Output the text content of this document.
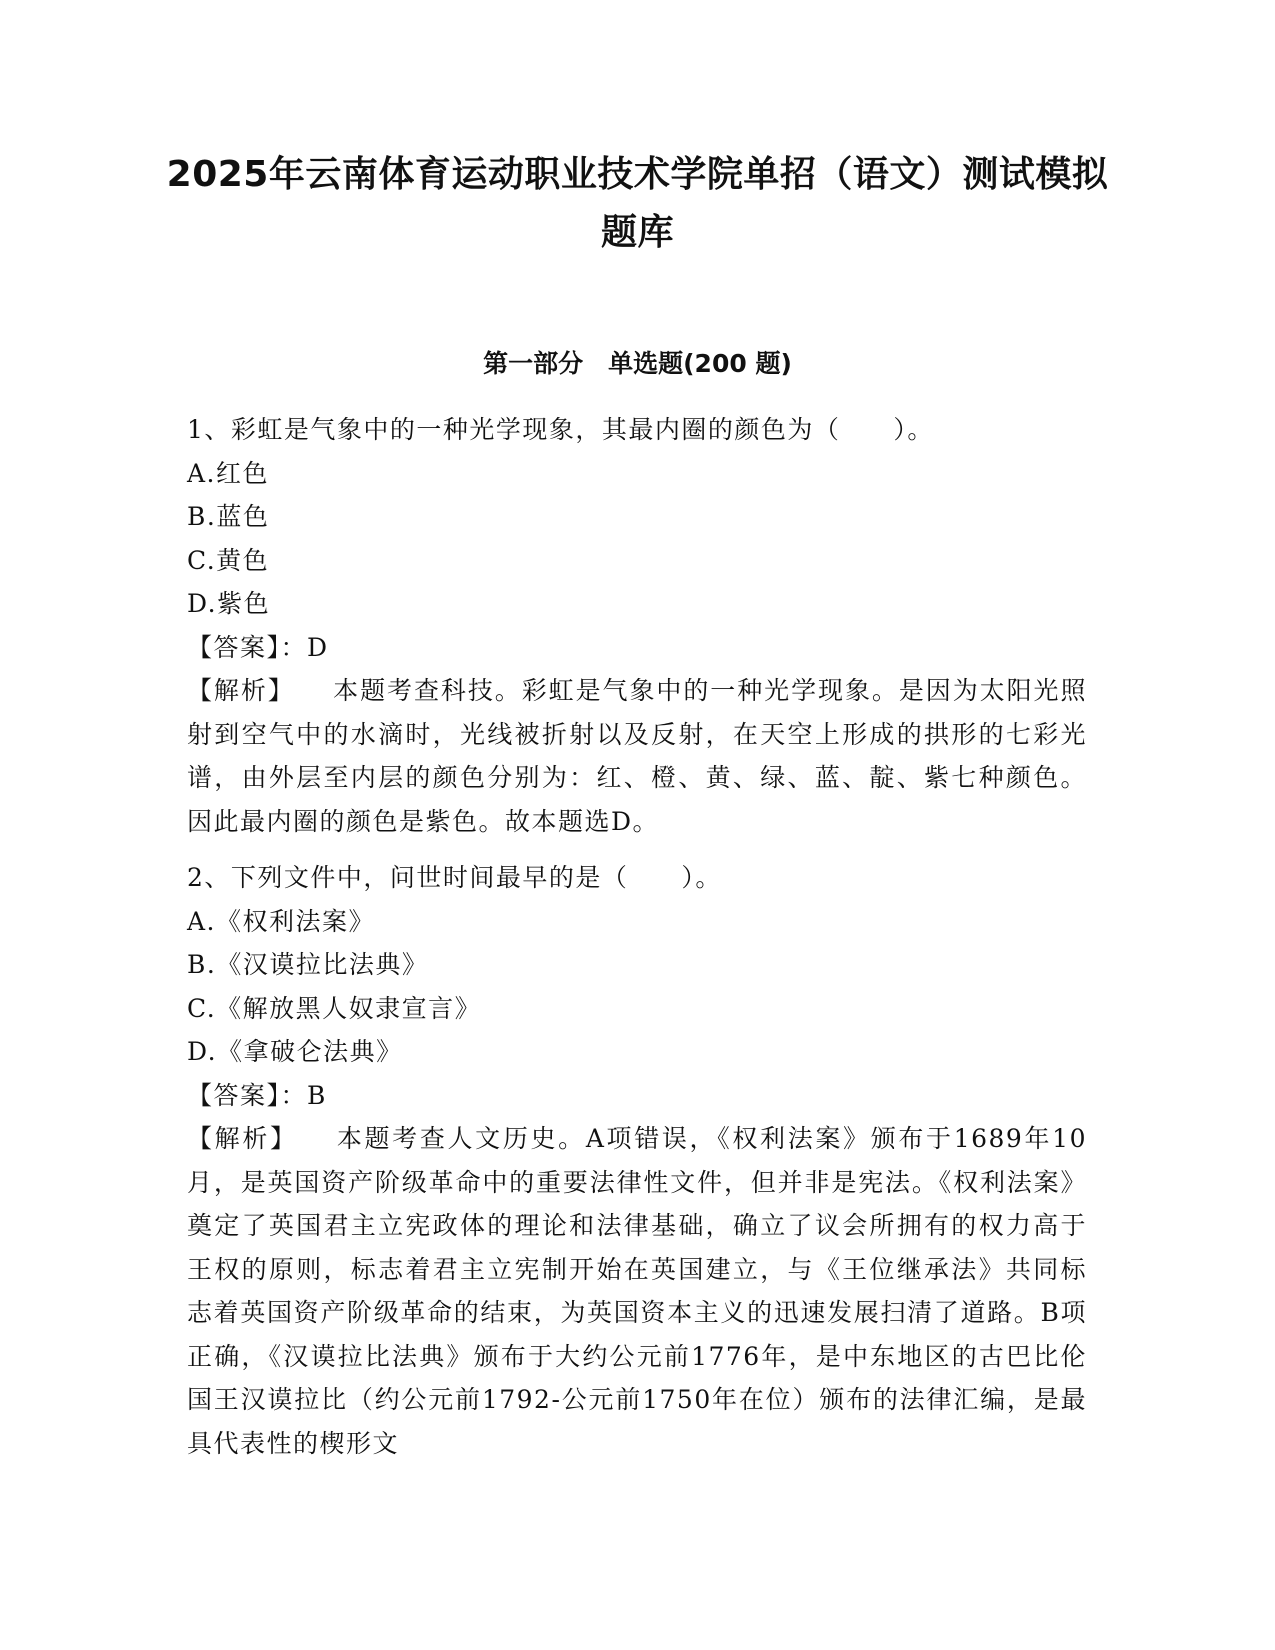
2025年云南体育运动职业技术学院单招（语文）测试模拟题库
第一部分　单选题(200 题)
1、彩虹是气象中的一种光学现象，其最内圈的颜色为（　　）。
A.红色
B.蓝色
C.黄色
D.紫色
【答案】：D
【解析】 本题考查科技。彩虹是气象中的一种光学现象。是因为太阳光照射到空气中的水滴时，光线被折射以及反射，在天空上形成的拱形的七彩光谱，由外层至内层的颜色分别为：红、橙、黄、绿、蓝、靛、紫七种颜色。因此最内圈的颜色是紫色。故本题选D。
2、下列文件中，问世时间最早的是（　　）。
A.《权利法案》
B.《汉谟拉比法典》
C.《解放黑人奴隶宣言》
D.《拿破仑法典》
【答案】：B
【解析】 本题考查人文历史。A项错误，《权利法案》颁布于1689年10月，是英国资产阶级革命中的重要法律性文件，但并非是宪法。《权利法案》奠定了英国君主立宪政体的理论和法律基础，确立了议会所拥有的权力高于王权的原则，标志着君主立宪制开始在英国建立，与《王位继承法》共同标志着英国资产阶级革命的结束，为英国资本主义的迅速发展扫清了道路。B项正确，《汉谟拉比法典》颁布于大约公元前1776年，是中东地区的古巴比伦国王汉谟拉比（约公元前1792-公元前1750年在位）颁布的法律汇编，是最具代表性的楔形文
